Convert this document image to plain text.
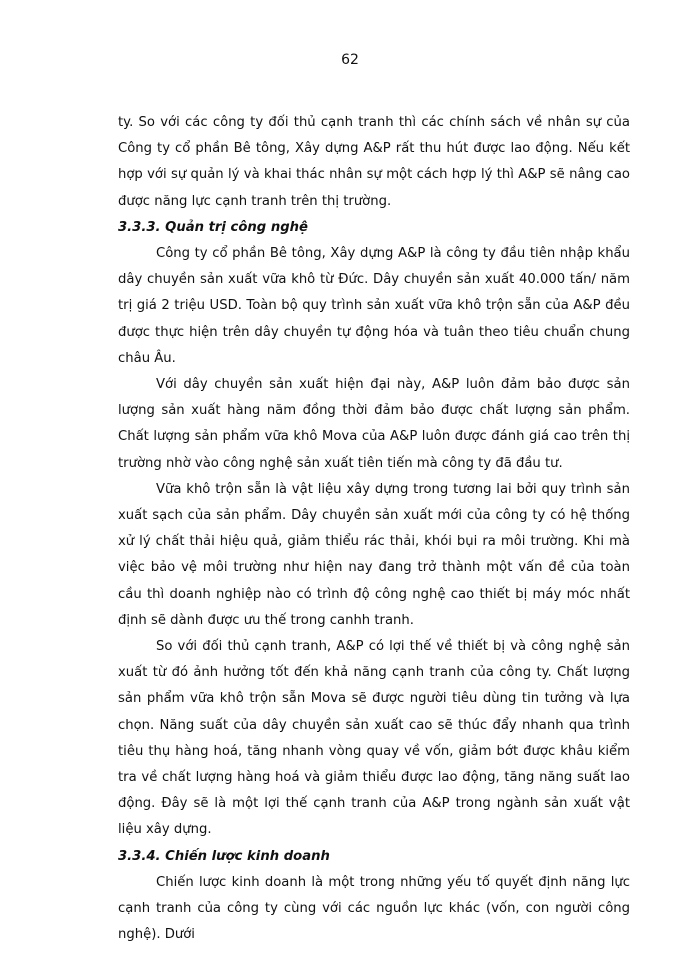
62

ty. So với các công ty đối thủ cạnh tranh thì các chính sách về nhân sự của Công ty cổ phần Bê tông, Xây dựng A&P rất thu hút được lao động. Nếu kết hợp với sự quản lý và khai thác nhân sự một cách hợp lý thì A&P sẽ nâng cao được năng lực cạnh tranh trên thị trường.

3.3.3. Quản trị công nghệ

Công ty cổ phần Bê tông, Xây dựng A&P là công ty đầu tiên nhập khẩu dây chuyền sản xuất vữa khô từ Đức. Dây chuyền sản xuất 40.000 tấn/ năm trị giá 2 triệu USD. Toàn bộ quy trình sản xuất vữa khô trộn sẵn của A&P đều được thực hiện trên dây chuyền tự động hóa và tuân theo tiêu chuẩn chung châu Âu.

Với dây chuyền sản xuất hiện đại này, A&P luôn đảm bảo được sản lượng sản xuất hàng năm đồng thời đảm bảo được chất lượng sản phẩm. Chất lượng sản phẩm vữa khô Mova của A&P luôn được đánh giá cao trên thị trường nhờ vào công nghệ sản xuất tiên tiến mà công ty đã đầu tư.

Vữa khô trộn sẵn là vật liệu xây dựng trong tương lai bởi quy trình sản xuất sạch của sản phẩm. Dây chuyền sản xuất mới của công ty có hệ thống xử lý chất thải hiệu quả, giảm thiểu rác thải, khói bụi ra môi trường. Khi mà việc bảo vệ môi trường như hiện nay đang trở thành một vấn đề của toàn cầu thì doanh nghiệp nào có trình độ công nghệ cao thiết bị máy móc nhất định sẽ dành được ưu thế trong canhh tranh.

So với đối thủ cạnh tranh, A&P có lợi thế về thiết bị và công nghệ sản xuất từ đó ảnh hưởng tốt đến khả năng cạnh tranh của công ty. Chất lượng sản phẩm vữa khô trộn sẵn Mova sẽ được người tiêu dùng tin tưởng và lựa chọn. Năng suất của dây chuyền sản xuất cao sẽ thúc đẩy nhanh qua trình tiêu thụ hàng hoá, tăng nhanh vòng quay về vốn, giảm bớt được khâu kiểm tra về chất lượng hàng hoá và giảm thiểu được lao động, tăng năng suất lao động. Đây sẽ là một lợi thế cạnh tranh của A&P trong ngành sản xuất vật liệu xây dựng.

3.3.4. Chiến lược kinh doanh

Chiến lược kinh doanh là một trong những yếu tố quyết định năng lực cạnh tranh của công ty cùng với các nguồn lực khác (vốn, con người công nghệ). Dưới
